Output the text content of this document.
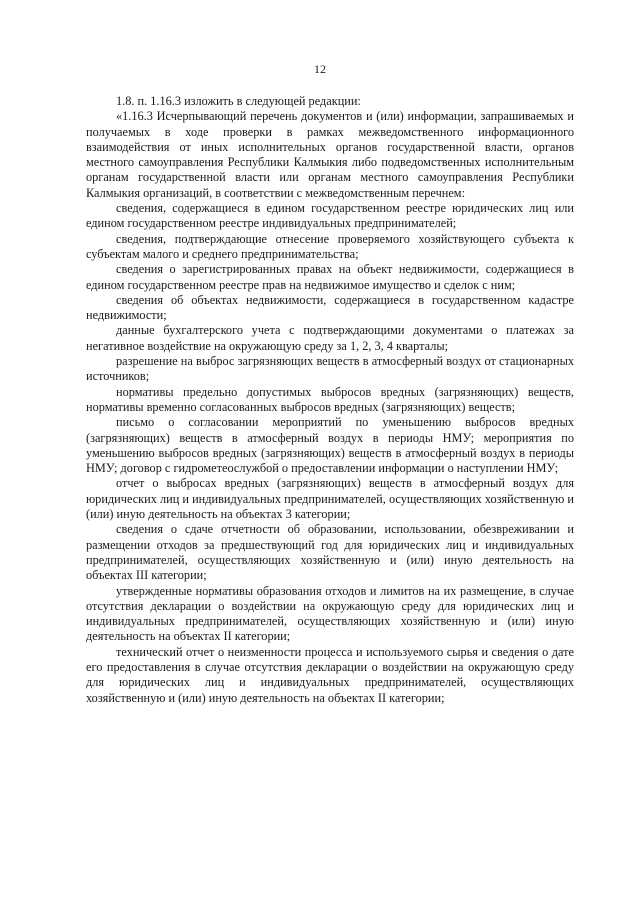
12

1.8. п. 1.16.3 изложить в следующей редакции:

«1.16.3 Исчерпывающий перечень документов и (или) информации, запрашиваемых и получаемых в ходе проверки в рамках межведомственного информационного взаимодействия от иных исполнительных органов государственной власти, органов местного самоуправления Республики Калмыкия либо подведомственных исполнительным органам государственной власти или органам местного самоуправления Республики Калмыкия организаций, в соответствии с межведомственным перечнем:

сведения, содержащиеся в едином государственном реестре юридических лиц или едином государственном реестре индивидуальных предпринимателей;

сведения, подтверждающие отнесение проверяемого хозяйствующего субъекта к субъектам малого и среднего предпринимательства;

сведения о зарегистрированных правах на объект недвижимости, содержащиеся в едином государственном реестре прав на недвижимое имущество и сделок с ним;

сведения об объектах недвижимости, содержащиеся в государственном кадастре недвижимости;

данные бухгалтерского учета с подтверждающими документами о платежах за негативное воздействие на окружающую среду за 1, 2, 3, 4 кварталы;

разрешение на выброс загрязняющих веществ в атмосферный воздух от стационарных источников;

нормативы предельно допустимых выбросов вредных (загрязняющих) веществ, нормативы временно согласованных выбросов вредных (загрязняющих) веществ;

письмо о согласовании мероприятий по уменьшению выбросов вредных (загрязняющих) веществ в атмосферный воздух в периоды НМУ; мероприятия по уменьшению выбросов вредных (загрязняющих) веществ в атмосферный воздух в периоды НМУ; договор с гидрометеослужбой о предоставлении информации о наступлении НМУ;

отчет о выбросах вредных (загрязняющих) веществ в атмосферный воздух для юридических лиц и индивидуальных предпринимателей, осуществляющих хозяйственную и (или) иную деятельность на объектах 3 категории;

сведения о сдаче отчетности об образовании, использовании, обезвреживании и размещении отходов за предшествующий год для юридических лиц и индивидуальных предпринимателей, осуществляющих хозяйственную и (или) иную деятельность на объектах III категории;

утвержденные нормативы образования отходов и лимитов на их размещение, в случае отсутствия декларации о воздействии на окружающую среду для юридических лиц и индивидуальных предпринимателей, осуществляющих хозяйственную и (или) иную деятельность на объектах II категории;

технический отчет о неизменности процесса и используемого сырья и сведения о дате его предоставления в случае отсутствия декларации о воздействии на окружающую среду для юридических лиц и индивидуальных предпринимателей, осуществляющих хозяйственную и (или) иную деятельность на объектах II категории;
